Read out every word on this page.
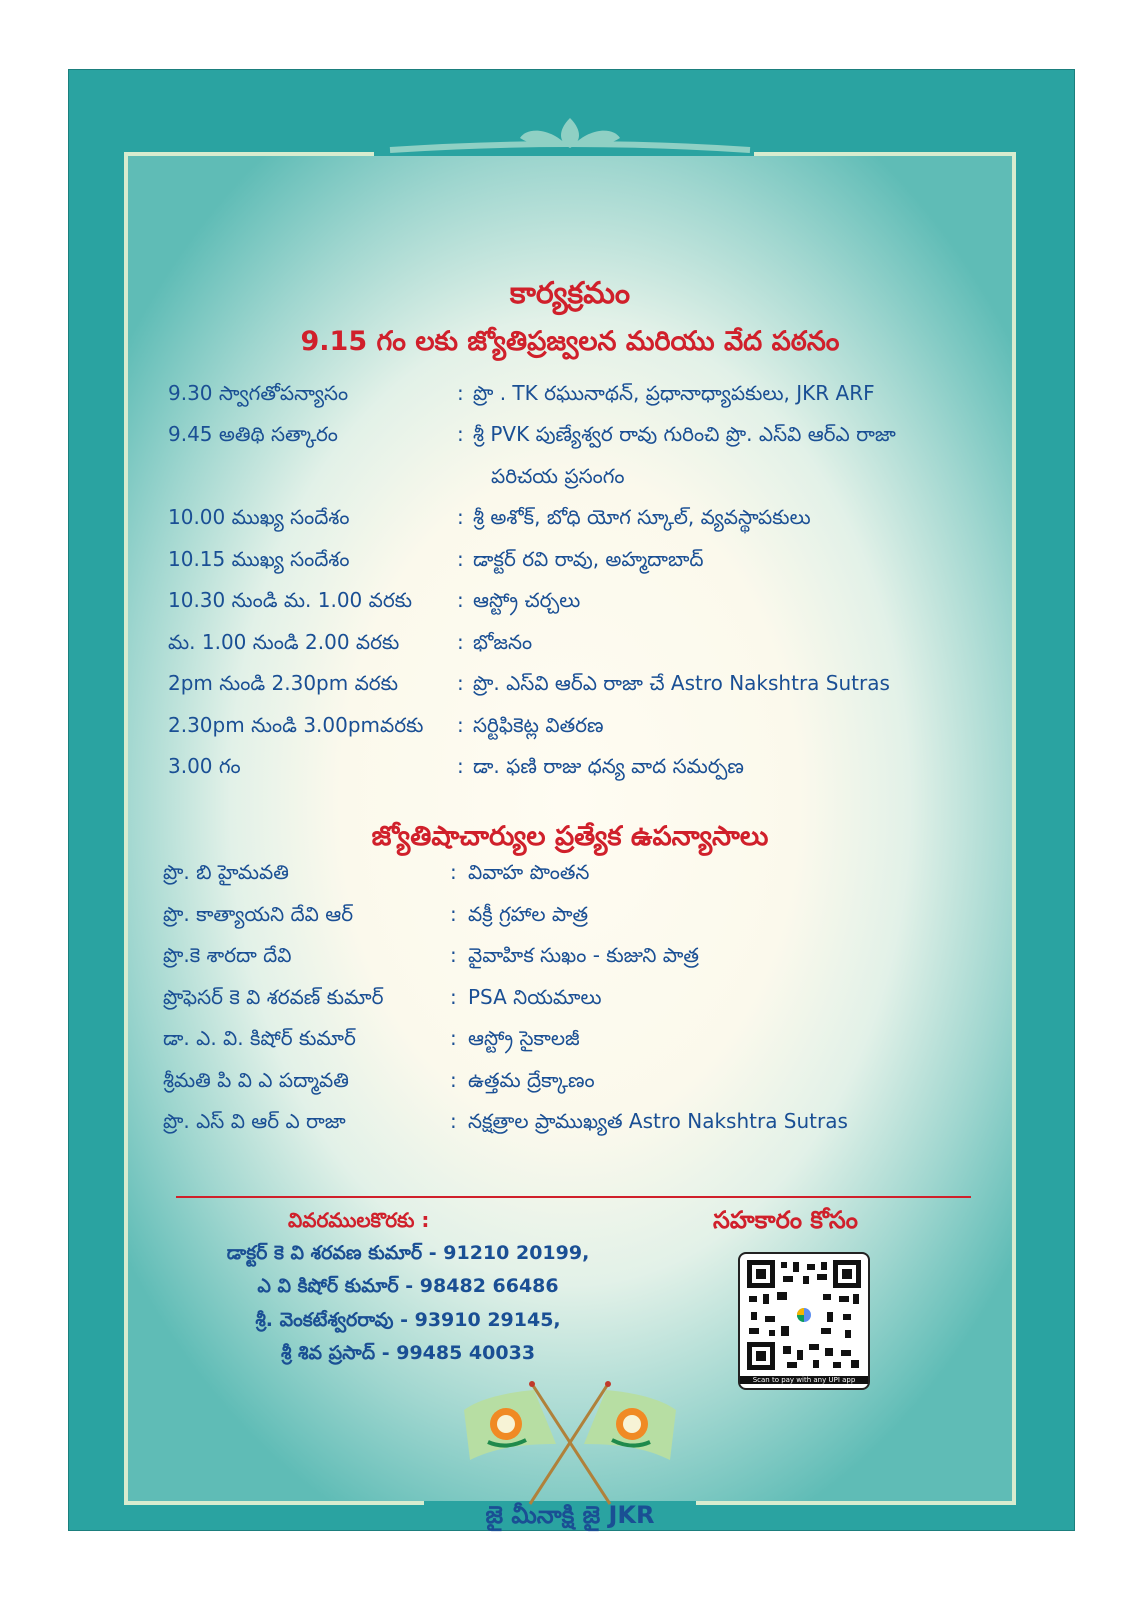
కార్యక్రమం
9.15 గం లకు జ్యోతిప్రజ్వలన మరియు వేద పఠనం
9.30 స్వాగతోపన్యాసం	: ప్రొ . TK రఘునాథన్, ప్రధానాధ్యాపకులు, JKR ARF
9.45 అతిథి సత్కారం	: శ్రీ PVK పుణ్యేశ్వర రావు గురించి ప్రొ. ఎస్‌వి ఆర్‌ఎ రాజా
పరిచయ ప్రసంగం
10.00 ముఖ్య సందేశం	: శ్రీ అశోక్, బోధి యోగ స్కూల్, వ్యవస్థాపకులు
10.15 ముఖ్య సందేశం	: డాక్టర్ రవి రావు, అహ్మదాబాద్
10.30 నుండి మ. 1.00 వరకు : ఆస్ట్రో చర్చలు
మ. 1.00 నుండి 2.00 వరకు	: భోజనం
2pm నుండి 2.30pm వరకు	: ప్రొ. ఎస్‌వి ఆర్‌ఎ రాజా చే Astro Nakshtra Sutras
2.30pm నుండి 3.00pmవరకు : సర్టిఫికెట్ల వితరణ
3.00 గం	: డా. ఫణి రాజు ధన్య వాద సమర్పణ
జ్యోతిషాచార్యుల ప్రత్యేక ఉపన్యాసాలు
ప్రొ. బి హైమవతి	: వివాహ పొంతన
ప్రొ. కాత్యాయని దేవి ఆర్	: వక్రీ గ్రహాల పాత్ర
ప్రొ.కె శారదా దేవి	: వైవాహిక సుఖం - కుజుని పాత్ర
ప్రొఫెసర్ కె వి శరవణ్ కుమార్	: PSA నియమాలు
డా. ఎ. వి. కిషోర్ కుమార్	: ఆస్ట్రో సైకాలజీ
శ్రీమతి పి వి ఎ పద్మావతి	: ఉత్తమ ద్రేక్కాణం
ప్రొ. ఎస్ వి ఆర్ ఎ రాజా	: నక్షత్రాల ప్రాముఖ్యత Astro Nakshtra Sutras
వివరములకొరకు :
డాక్టర్ కె వి శరవణ కుమార్ - 91210 20199,
ఎ వి కిషోర్ కుమార్ - 98482 66486
శ్రీ. వెంకటేశ్వరరావు - 93910 29145,
శ్రీ శివ ప్రసాద్ - 99485 40033
సహకారం కోసం
Scan to pay with any UPI app
జై మీనాక్షి జై JKR
